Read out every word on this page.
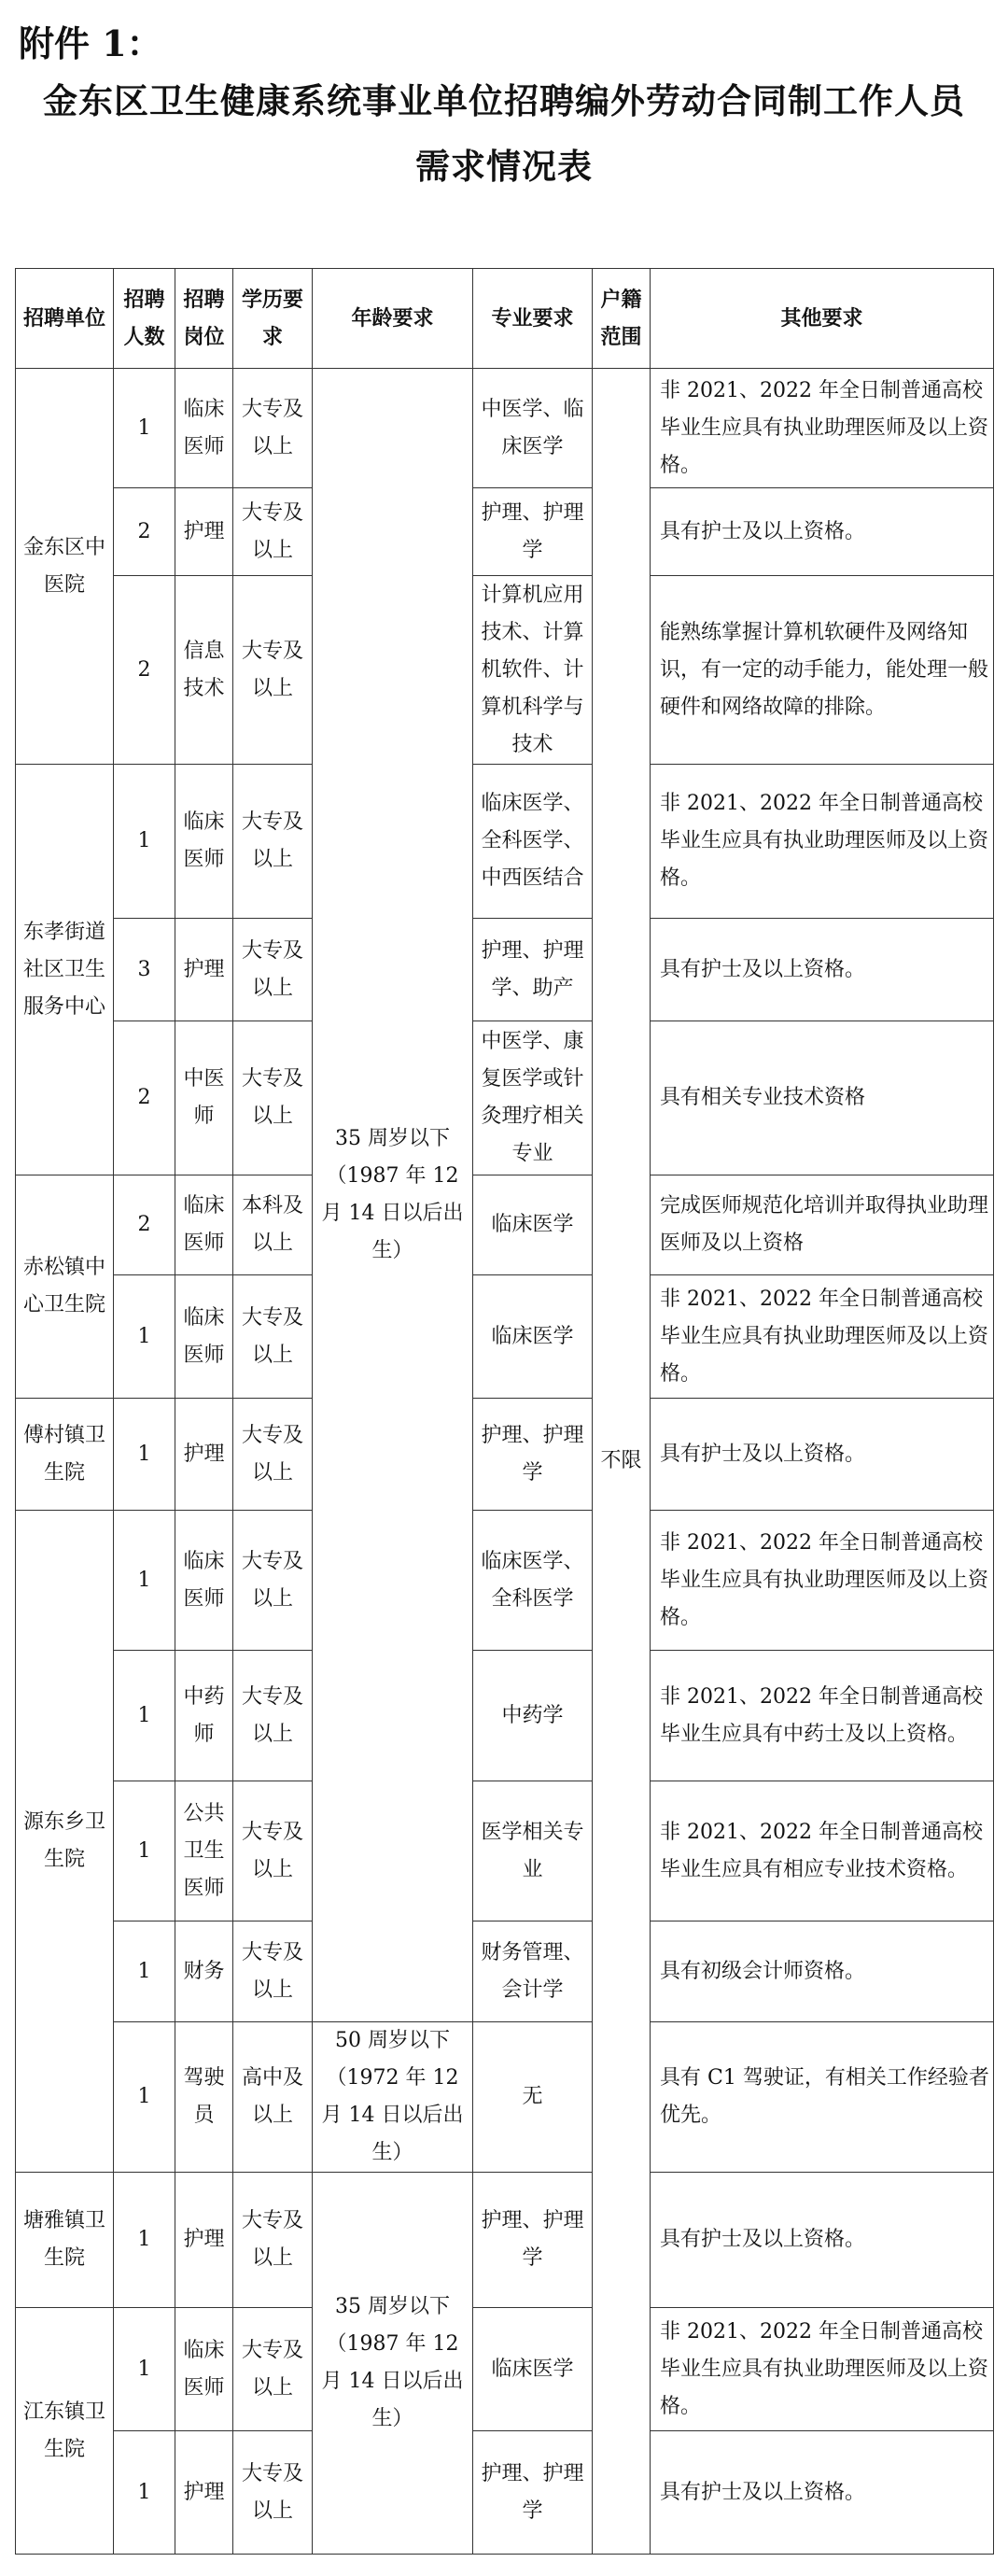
附件 1：
金东区卫生健康系统事业单位招聘编外劳动合同制工作人员
需求情况表
招聘单位	招聘人数	招聘岗位	学历要求	年龄要求	专业要求	户籍范围	其他要求
金东区中医院	1	临床医师	大专及以上	35 周岁以下（1987 年 12 月 14 日以后出生）	中医学、临床医学	不限	非 2021、2022 年全日制普通高校毕业生应具有执业助理医师及以上资格。
	2	护理	大专及以上		护理、护理学		具有护士及以上资格。
	2	信息技术	大专及以上		计算机应用技术、计算机软件、计算机科学与技术		能熟练掌握计算机软硬件及网络知识，有一定的动手能力，能处理一般硬件和网络故障的排除。
东孝街道社区卫生服务中心	1	临床医师	大专及以上		临床医学、全科医学、中西医结合		非 2021、2022 年全日制普通高校毕业生应具有执业助理医师及以上资格。
	3	护理	大专及以上		护理、护理学、助产		具有护士及以上资格。
	2	中医师	大专及以上		中医学、康复医学或针灸理疗相关专业		具有相关专业技术资格
赤松镇中心卫生院	2	临床医师	本科及以上		临床医学		完成医师规范化培训并取得执业助理医师及以上资格
	1	临床医师	大专及以上		临床医学		非 2021、2022 年全日制普通高校毕业生应具有执业助理医师及以上资格。
傅村镇卫生院	1	护理	大专及以上		护理、护理学		具有护士及以上资格。
源东乡卫生院	1	临床医师	大专及以上		临床医学、全科医学		非 2021、2022 年全日制普通高校毕业生应具有执业助理医师及以上资格。
	1	中药师	大专及以上		中药学		非 2021、2022 年全日制普通高校毕业生应具有中药士及以上资格。
	1	公共卫生医师	大专及以上		医学相关专业		非 2021、2022 年全日制普通高校毕业生应具有相应专业技术资格。
	1	财务	大专及以上		财务管理、会计学		具有初级会计师资格。
	1	驾驶员	高中及以上	50 周岁以下（1972 年 12 月 14 日以后出生）	无		具有 C1 驾驶证，有相关工作经验者优先。
塘雅镇卫生院	1	护理	大专及以上	35 周岁以下（1987 年 12 月 14 日以后出生）	护理、护理学		具有护士及以上资格。
江东镇卫生院	1	临床医师	大专及以上		临床医学		非 2021、2022 年全日制普通高校毕业生应具有执业助理医师及以上资格。
	1	护理	大专及以上		护理、护理学		具有护士及以上资格。
